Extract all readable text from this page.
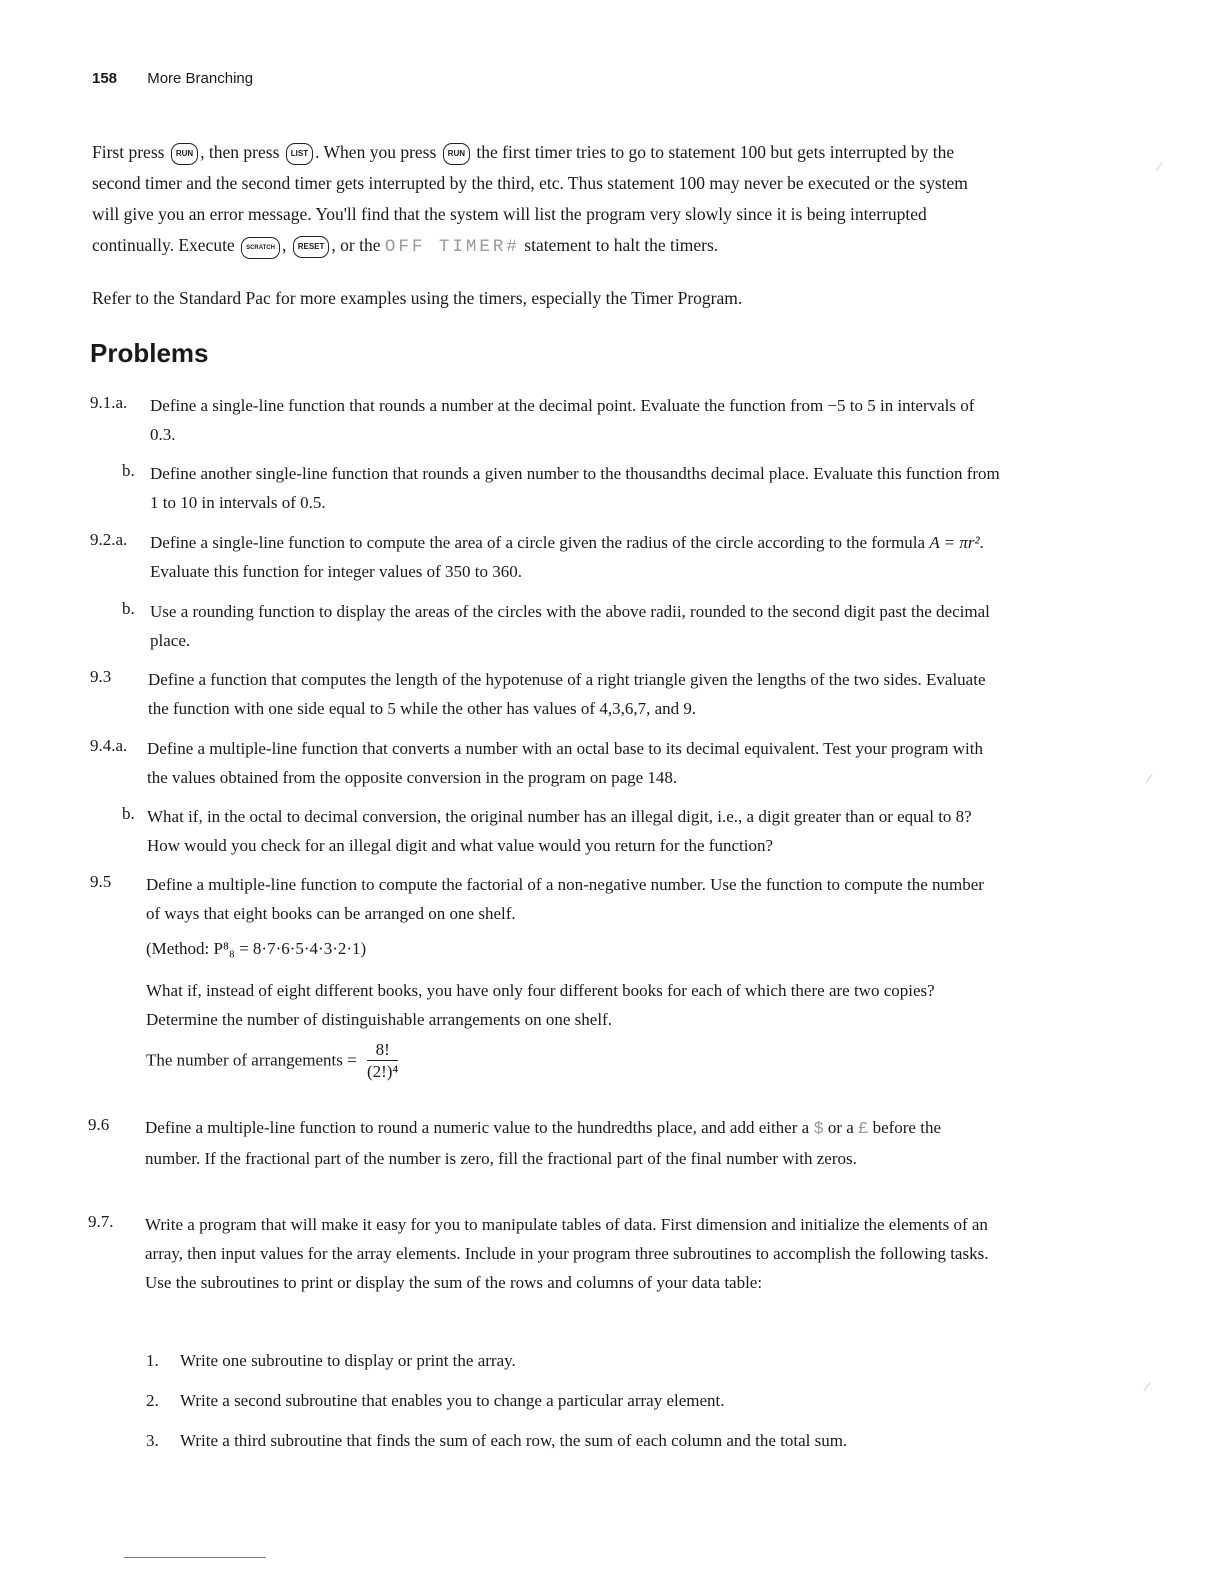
158 More Branching
First press RUN , then press LIST . When you press RUN the first timer tries to go to statement 100 but gets interrupted by the second timer and the second timer gets interrupted by the third, etc. Thus statement 100 may never be executed or the system will give you an error message. You'll find that the system will list the program very slowly since it is being interrupted continually. Execute SCRATCH , RESET , or the OFF TIMER# statement to halt the timers.
Refer to the Standard Pac for more examples using the timers, especially the Timer Program.
Problems
9.1.a. Define a single-line function that rounds a number at the decimal point. Evaluate the function from −5 to 5 in intervals of 0.3.
b. Define another single-line function that rounds a given number to the thousandths decimal place. Evaluate this function from 1 to 10 in intervals of 0.5.
9.2.a. Define a single-line function to compute the area of a circle given the radius of the circle according to the formula A = πr². Evaluate this function for integer values of 350 to 360.
b. Use a rounding function to display the areas of the circles with the above radii, rounded to the second digit past the decimal place.
9.3 Define a function that computes the length of the hypotenuse of a right triangle given the lengths of the two sides. Evaluate the function with one side equal to 5 while the other has values of 4,3,6,7, and 9.
9.4.a. Define a multiple-line function that converts a number with an octal base to its decimal equivalent. Test your program with the values obtained from the opposite conversion in the program on page 148.
b. What if, in the octal to decimal conversion, the original number has an illegal digit, i.e., a digit greater than or equal to 8? How would you check for an illegal digit and what value would you return for the function?
9.5 Define a multiple-line function to compute the factorial of a non-negative number. Use the function to compute the number of ways that eight books can be arranged on one shelf.
(Method: P⁸₈ = 8·7·6·5·4·3·2·1)
What if, instead of eight different books, you have only four different books for each of which there are two copies? Determine the number of distinguishable arrangements on one shelf.
The number of arrangements = $\frac{8!}{\text{(2!)⁴}}$
9.6 Define a multiple-line function to round a numeric value to the hundredths place, and add either a $ or a £ before the number. If the fractional part of the number is zero, fill the fractional part of the final number with zeros.
9.7. Write a program that will make it easy for you to manipulate tables of data. First dimension and initialize the elements of an array, then input values for the array elements. Include in your program three subroutines to accomplish the following tasks. Use the subroutines to print or display the sum of the rows and columns of your data table:
1. Write one subroutine to display or print the array.
2. Write a second subroutine that enables you to change a particular array element.
3. Write a third subroutine that finds the sum of each row, the sum of each column and the total sum.
⁄
⁄
⁄
